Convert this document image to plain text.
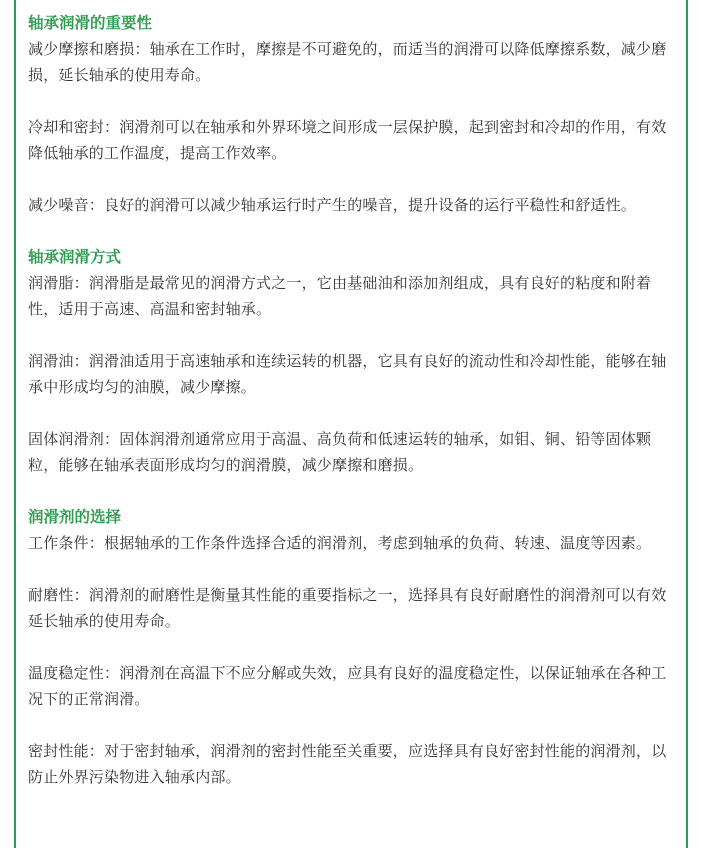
轴承润滑的重要性

减少摩擦和磨损：轴承在工作时，摩擦是不可避免的，而适当的润滑可以降低摩擦系数，减少磨损，延长轴承的使用寿命。

冷却和密封：润滑剂可以在轴承和外界环境之间形成一层保护膜，起到密封和冷却的作用，有效降低轴承的工作温度，提高工作效率。

减少噪音：良好的润滑可以减少轴承运行时产生的噪音，提升设备的运行平稳性和舒适性。

轴承润滑方式

润滑脂：润滑脂是最常见的润滑方式之一，它由基础油和添加剂组成，具有良好的粘度和附着性，适用于高速、高温和密封轴承。

润滑油：润滑油适用于高速轴承和连续运转的机器，它具有良好的流动性和冷却性能，能够在轴承中形成均匀的油膜，减少摩擦。

固体润滑剂：固体润滑剂通常应用于高温、高负荷和低速运转的轴承，如钼、铜、铅等固体颗粒，能够在轴承表面形成均匀的润滑膜，减少摩擦和磨损。

润滑剂的选择

工作条件：根据轴承的工作条件选择合适的润滑剂，考虑到轴承的负荷、转速、温度等因素。

耐磨性：润滑剂的耐磨性是衡量其性能的重要指标之一，选择具有良好耐磨性的润滑剂可以有效延长轴承的使用寿命。

温度稳定性：润滑剂在高温下不应分解或失效，应具有良好的温度稳定性，以保证轴承在各种工况下的正常润滑。

密封性能：对于密封轴承，润滑剂的密封性能至关重要，应选择具有良好密封性能的润滑剂，以防止外界污染物进入轴承内部。
